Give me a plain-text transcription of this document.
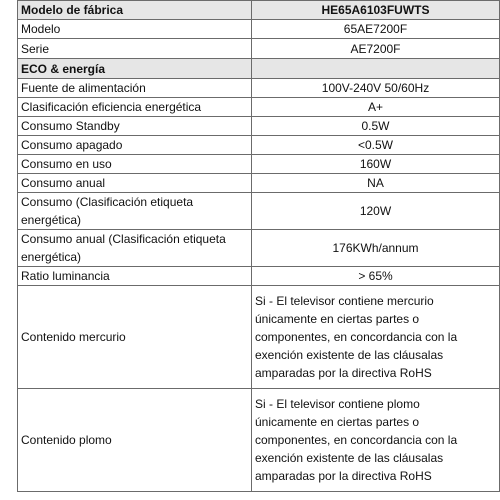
Modelo de fábrica	HE65A6103FUWTS
Modelo	65AE7200F
Serie	AE7200F
ECO & energía	
Fuente de alimentación	100V-240V 50/60Hz
Clasificación eficiencia energética	A+
Consumo Standby	0.5W
Consumo apagado	<0.5W
Consumo en uso	160W
Consumo anual	NA
Consumo (Clasificación etiqueta energética)	120W
Consumo anual (Clasificación etiqueta energética)	176KWh/annum
Ratio luminancia	> 65%
Contenido mercurio	Si - El televisor contiene mercurio
únicamente en ciertas partes o
componentes, en concordancia con la
exención existente de las cláusalas
amparadas por la directiva RoHS

Contenido plomo	Si - El televisor contiene plomo
únicamente en ciertas partes o
componentes, en concordancia con la
exención existente de las cláusalas
amparadas por la directiva RoHS
